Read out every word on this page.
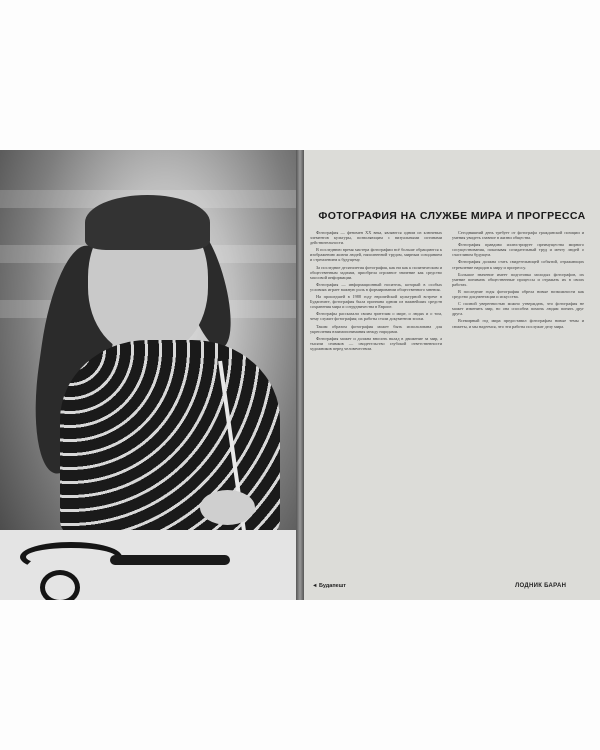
ФОТОГРАФИЯ НА СЛУЖБЕ МИРА И ПРОГРЕССА

Фотография — феномен XX века, являются одним из ключевых элементов культуры, позволяющим с визуальными истинами действительности.

В последнюю время мастера фотографии всё больше обращаются к изображению жизни людей, наполненной трудом, мирным созиданием и стремлением к будущему.

За последние десятилетия фотография, как ни как к политическим и общественным задачам, приобрела огромное значение как средство массовой информации.

Фотография — информационный носитель, который в особых условиях играет важную роль в формировании общественного мнения.

На прошедшей в 1988 году европейской культурной встрече в Будапеште, фотография была признана одним из важнейших средств сохранения мира и сотрудничества в Европе.

Фотографы рассказали своим зрителям о мире, о людях и о том, чему служит фотография; их работы стали документом эпохи.

Таким образом фотография может быть использована для укрепления взаимопонимания между народами.

Фотография может и должна вносить вклад в движение за мир, а тысячи снимков — свидетельство глубокой ответственности художников перед человечеством.

Сегодняшний день требует от фотографа гражданской позиции и умения увидеть главное в жизни общества.

Фотография правдиво иллюстрирует преимущества мирного сосуществования, показывая созидательный труд и мечту людей о счастливом будущем.

Фотография должна стать свидетельницей событий, отражающих стремление народов к миру и прогрессу.

Большое значение имеет подготовка молодых фотографов, их умение понимать общественные процессы и отражать их в своих работах.

В последние годы фотография обрела новые возможности как средство документации и искусства.

С полной уверенностью можно утверждать, что фотография не может изменить мир, но она способна помочь людям понять друг друга.

Всемирный год мира предоставил фотографам новые темы и сюжеты, и мы надеемся, что эти работы послужат делу мира.

◄ Будапешт	ЛОДНИК БАРАН
